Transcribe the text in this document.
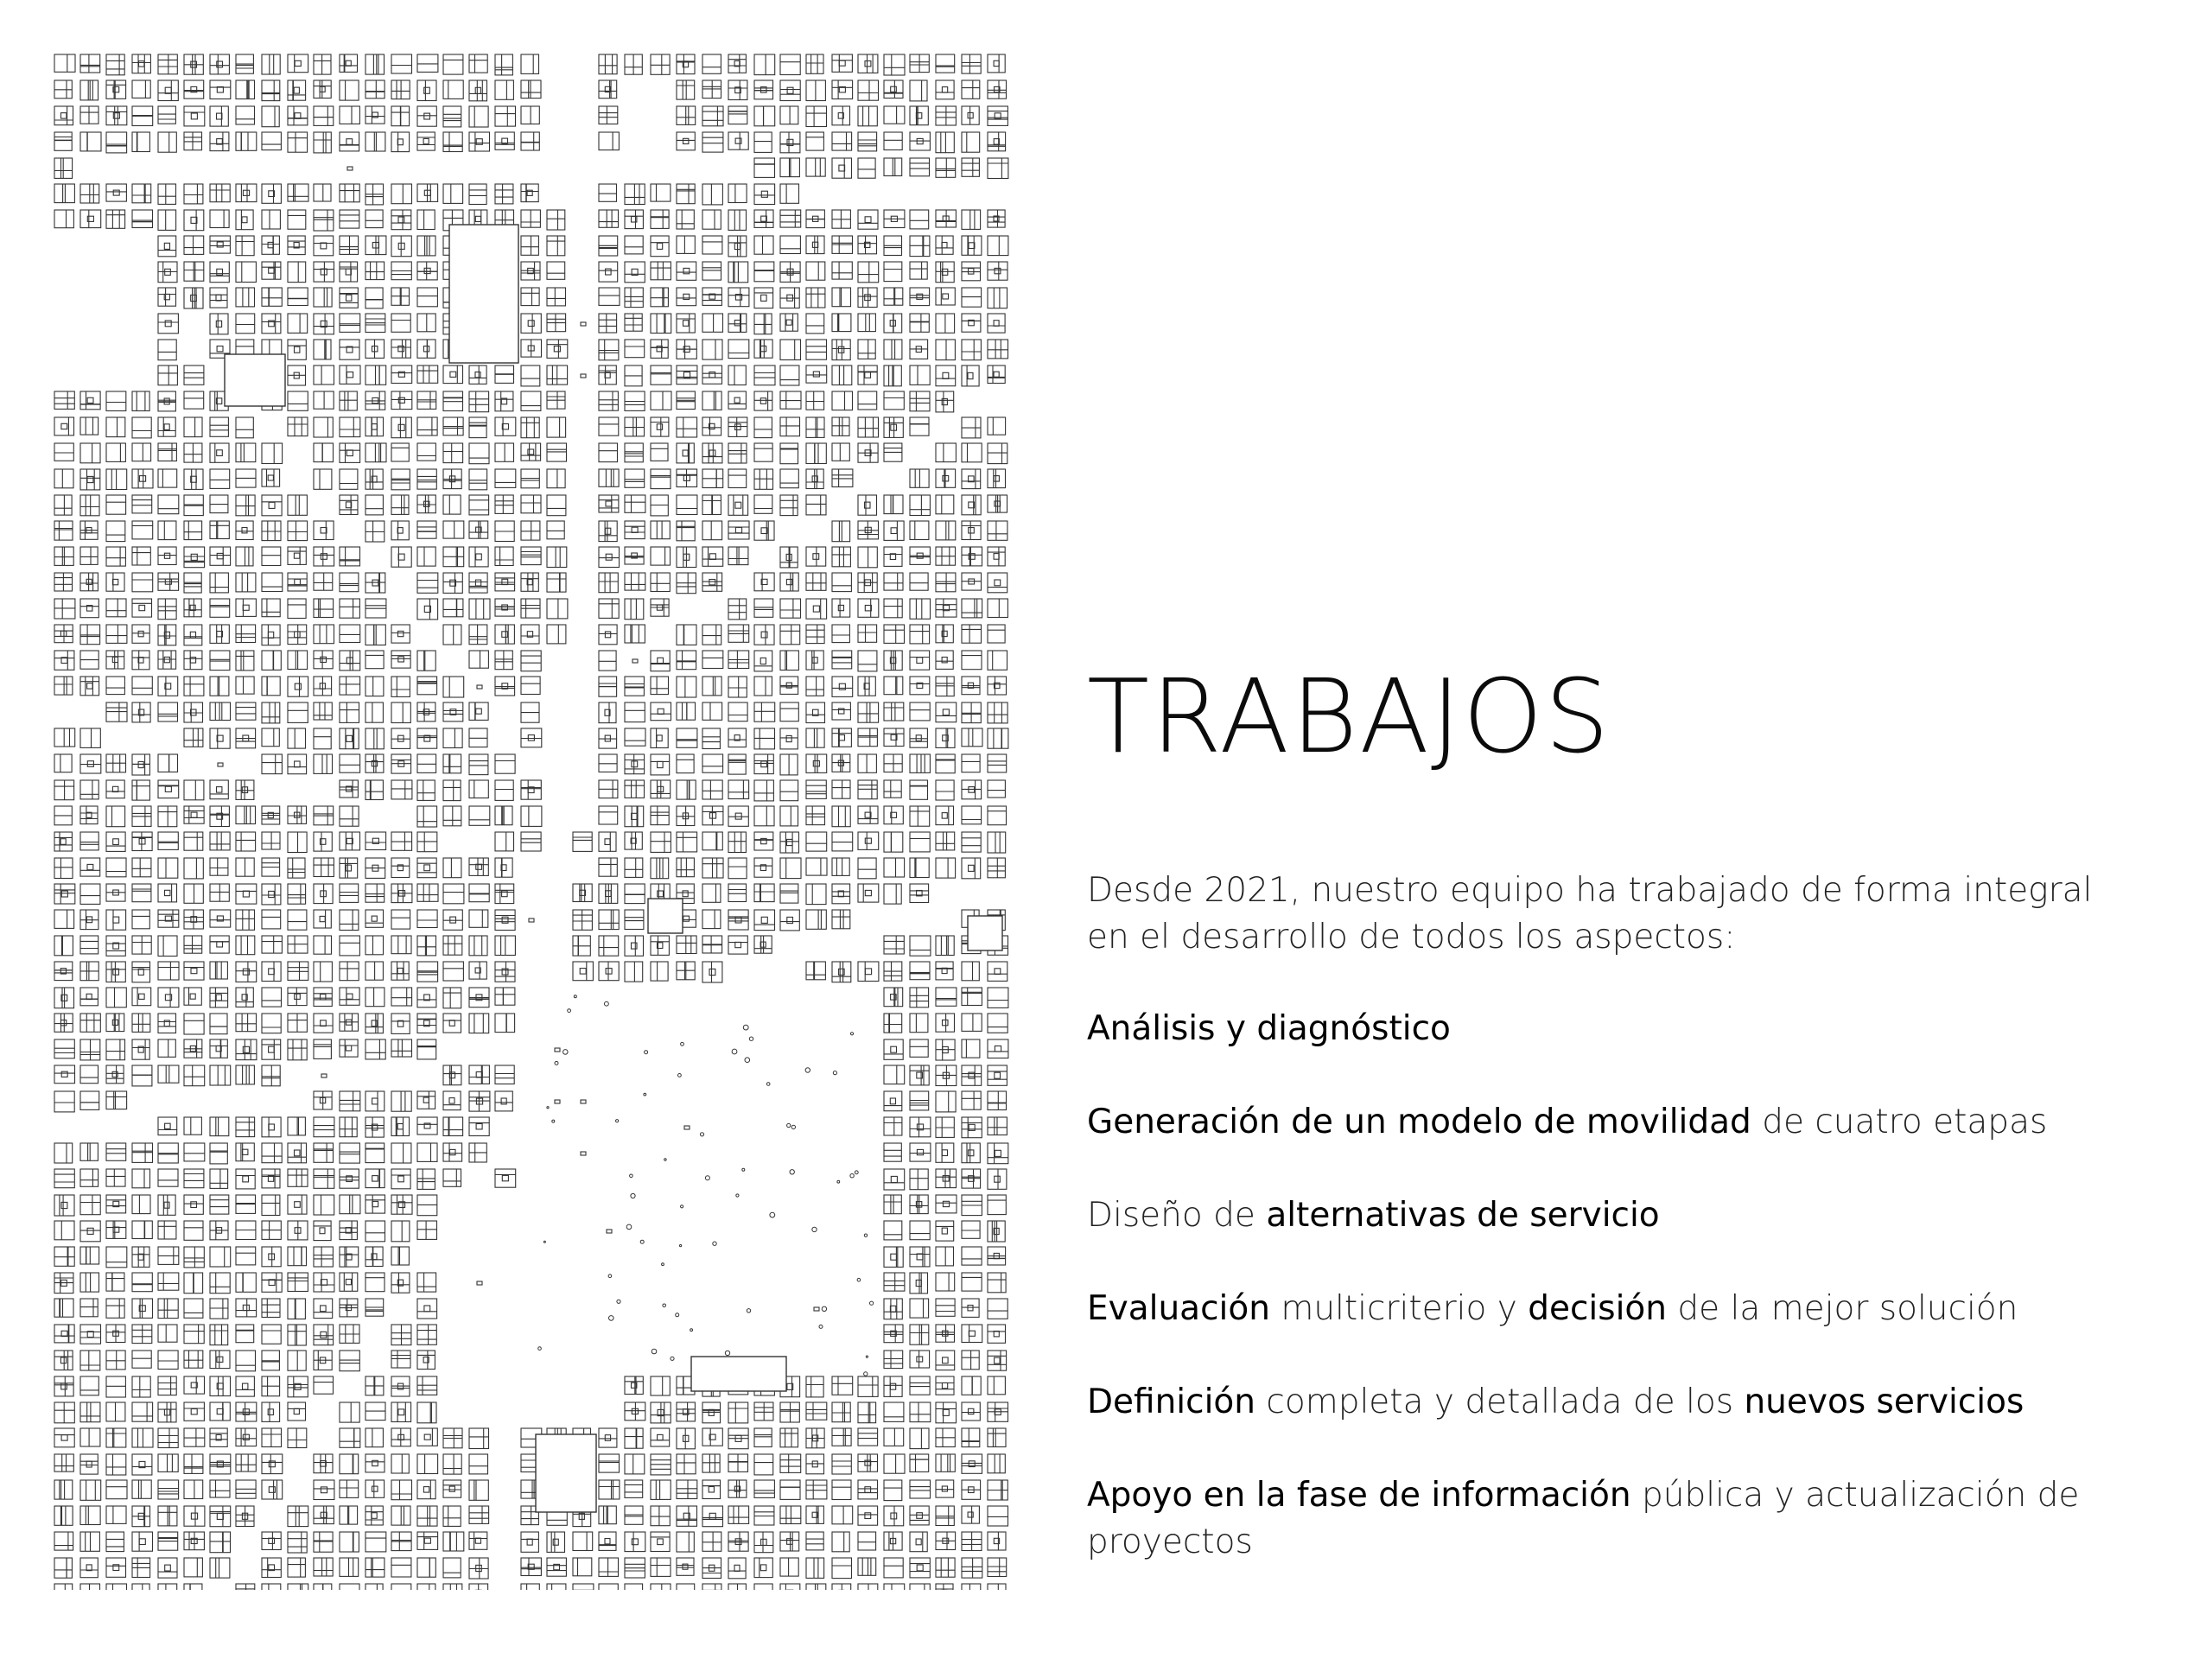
TRABAJOS

Desde 2021, nuestro equipo ha trabajado de forma integral en el desarrollo de todos los aspectos:

Análisis y diagnóstico

Generación de un modelo de movilidad de cuatro etapas

Diseño de alternativas de servicio

Evaluación multicriterio y decisión de la mejor solución

Definición completa y detallada de los nuevos servicios

Apoyo en la fase de información pública y actualización de proyectos
